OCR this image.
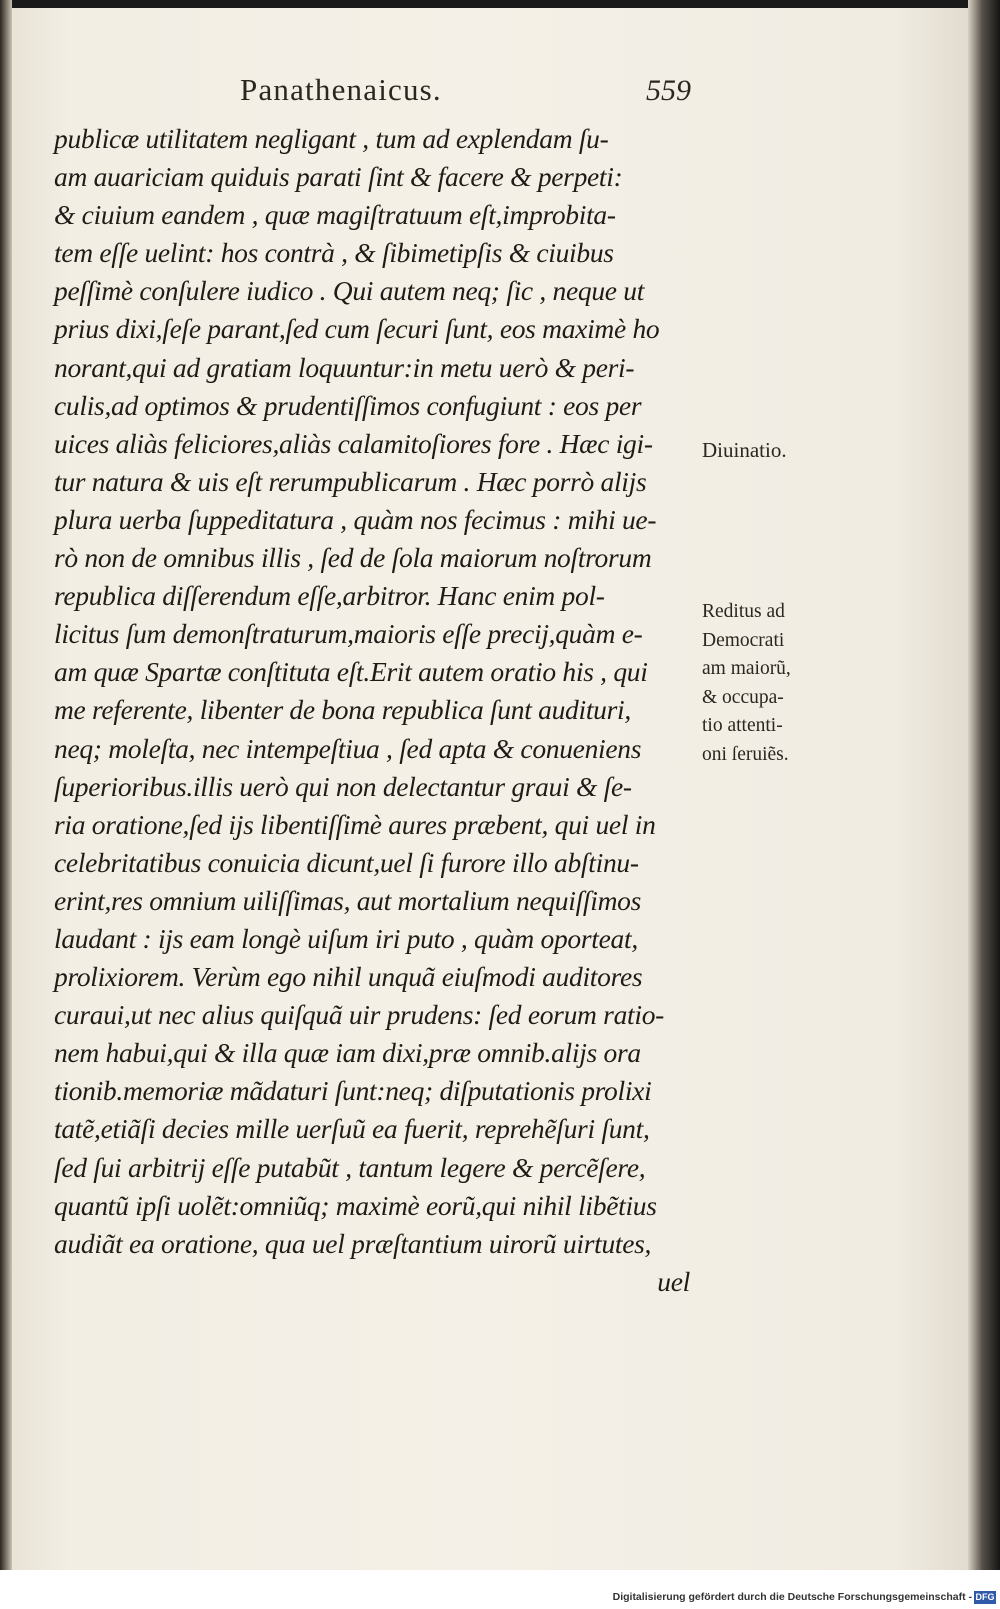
Panathenaicus.	559
publicæ utilitatem negligant , tum ad explendam ſu-
am auariciam quiduis parati ſint & facere & perpeti:
& ciuium eandem , quæ magiſtratuum eſt,improbita-
tem eſſe uelint: hos contrà , & ſibimetipſis & ciuibus
peſſimè conſulere iudico . Qui autem neq; ſic , neque ut
prius dixi,ſeſe parant,ſed cum ſecuri ſunt, eos maximè ho
norant,qui ad gratiam loquuntur:in metu uerò & peri-
culis,ad optimos & prudentiſſimos confugiunt : eos per
uices aliàs feliciores,aliàs calamitoſiores fore . Hæc igi-
tur natura & uis eſt rerumpublicarum . Hæc porrò alijs
plura uerba ſuppeditatura , quàm nos fecimus : mihi ue-
rò non de omnibus illis , ſed de ſola maiorum noſtrorum
republica diſſerendum eſſe,arbitror. Hanc enim pol-
licitus ſum demonſtraturum,maioris eſſe precij,quàm e-
am quæ Spartæ conſtituta eſt.Erit autem oratio his , qui
me referente, libenter de bona republica ſunt audituri,
neq; moleſta, nec intempeſtiua , ſed apta & conueniens
ſuperioribus.illis uerò qui non delectantur graui & ſe-
ria oratione,ſed ijs libentiſſimè aures præbent, qui uel in
celebritatibus conuicia dicunt,uel ſi furore illo abſtinu-
erint,res omnium uiliſſimas, aut mortalium nequiſſimos
laudant : ijs eam longè uiſum iri puto , quàm oporteat,
prolixiorem. Verùm ego nihil unquã eiuſmodi auditores
curaui,ut nec alius quiſquã uir prudens: ſed eorum ratio-
nem habui,qui & illa quæ iam dixi,præ omnib.alijs ora
tionib.memoriæ mãdaturi ſunt:neq; diſputationis prolixi
tatẽ,etiãſi decies mille uerſuũ ea fuerit, reprehẽſuri ſunt,
ſed ſui arbitrij eſſe putabũt , tantum legere & percẽſere,
quantũ ipſi uolẽt:omniũq; maximè eorũ,qui nihil libẽtius
audiãt ea oratione, qua uel præſtantium uirorũ uirtutes,
uel
Diuinatio.
Reditus ad
Democrati
am maiorũ,
& occupa-
tio attenti-
oni ſeruiẽs.
Digitalisierung gefördert durch die Deutsche Forschungsgemeinschaft - DFG
